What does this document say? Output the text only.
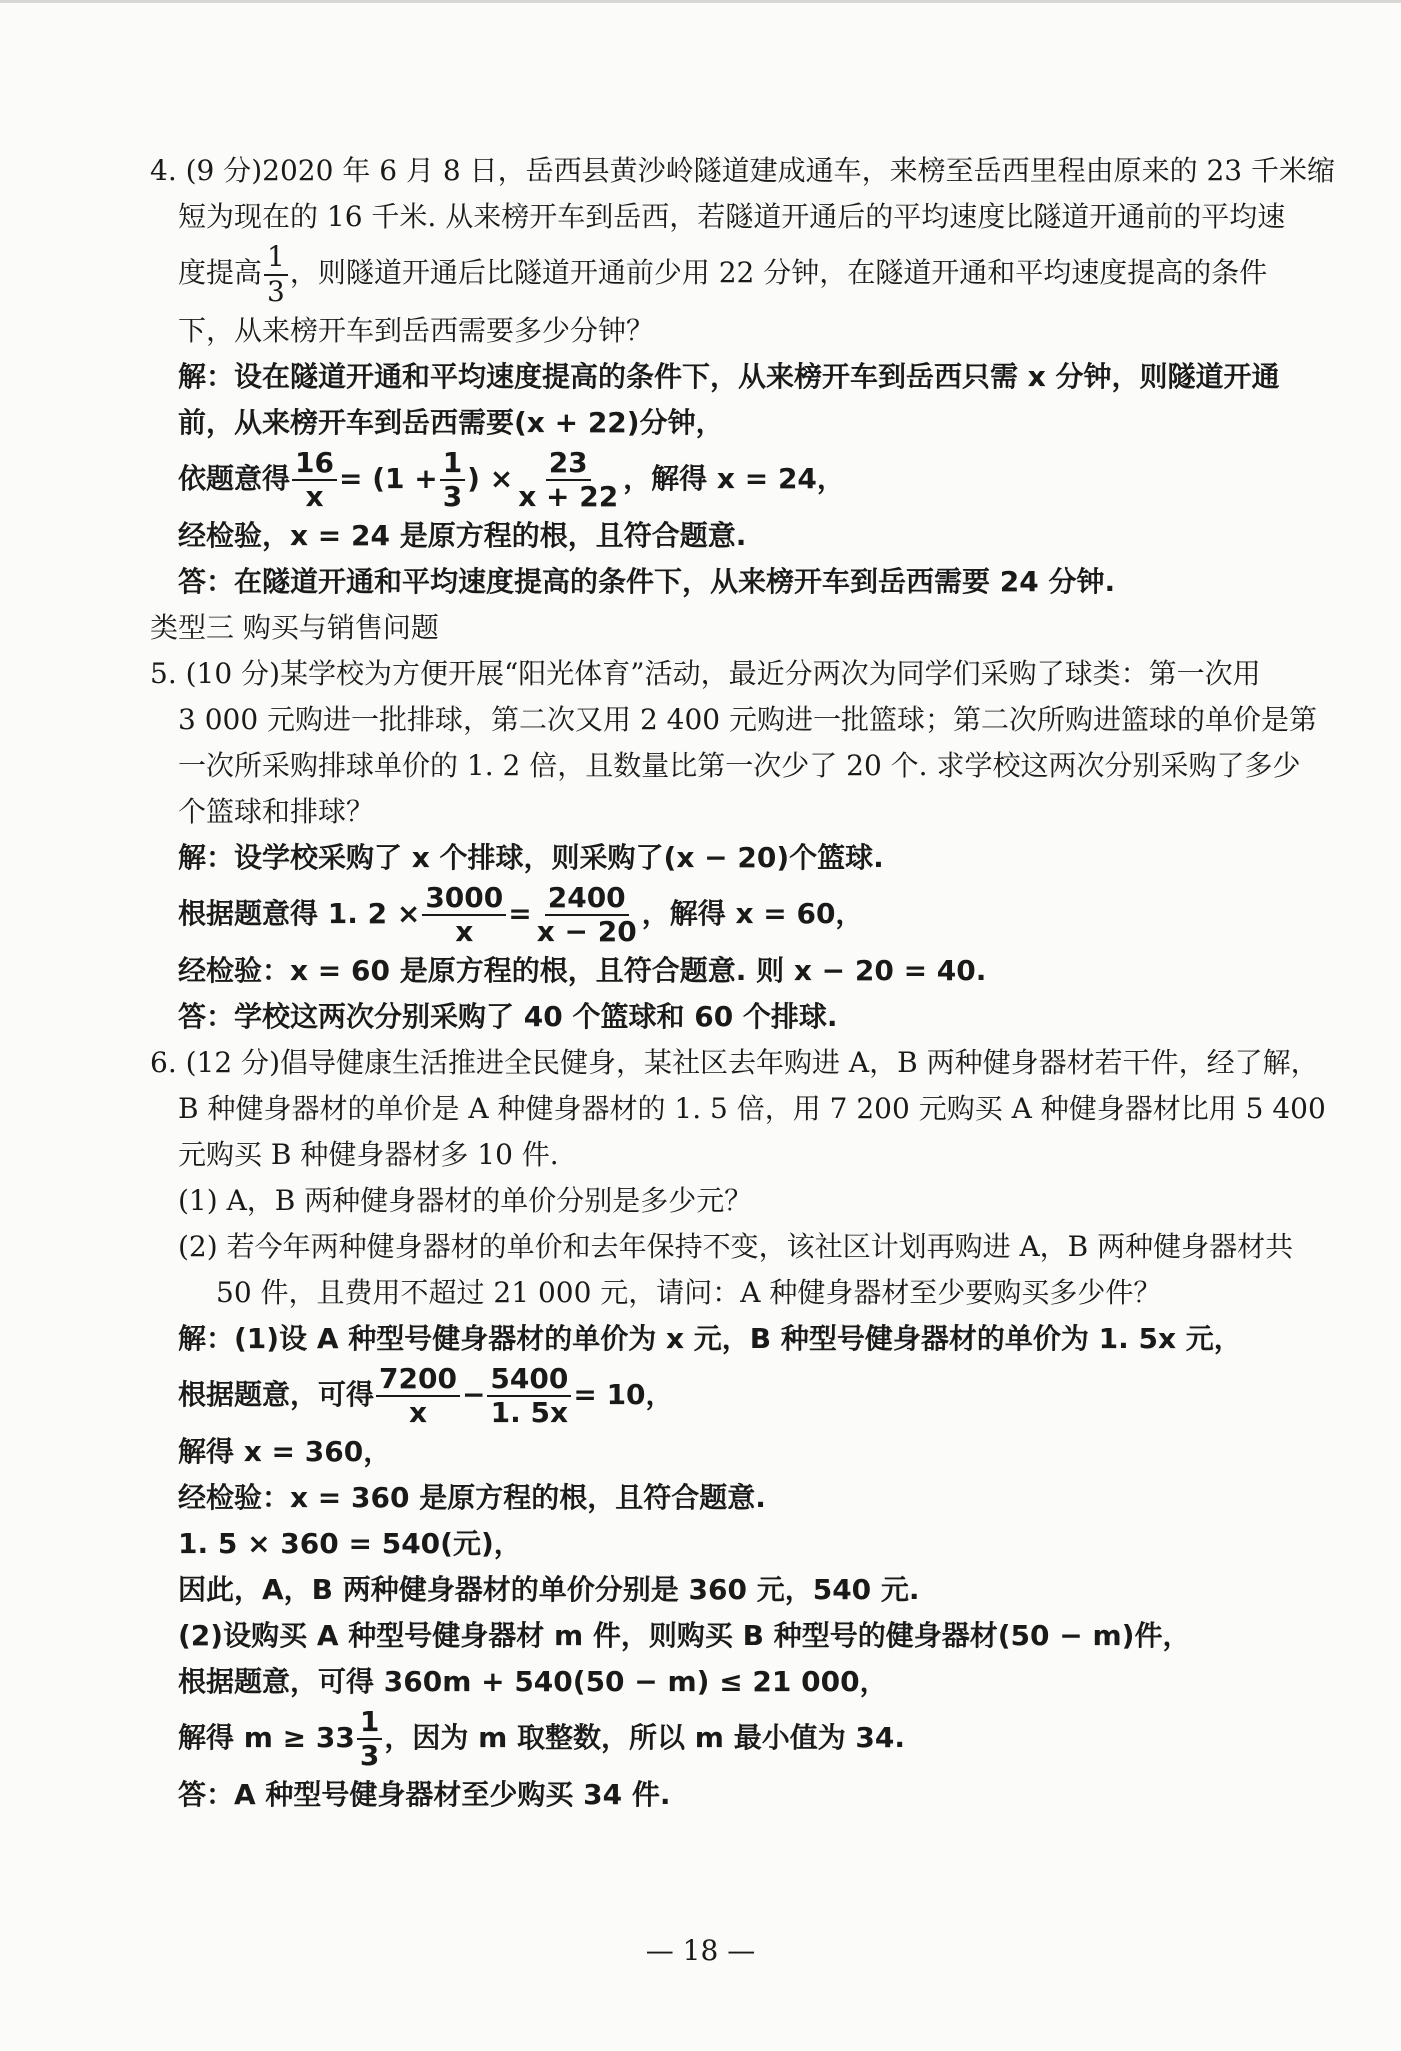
4. (9 分)2020 年 6 月 8 日，岳西县黄沙岭隧道建成通车，来榜至岳西里程由原来的 23 千米缩
短为现在的 16 千米. 从来榜开车到岳西，若隧道开通后的平均速度比隧道开通前的平均速
度提高 $\frac{1}{3}$ ，则隧道开通后比隧道开通前少用 22 分钟，在隧道开通和平均速度提高的条件
下，从来榜开车到岳西需要多少分钟？
解：设在隧道开通和平均速度提高的条件下，从来榜开车到岳西只需 x 分钟，则隧道开通
前，从来榜开车到岳西需要(x + 22)分钟，
依题意得 $\frac{16}{x} = (1 + \frac{1}{3}$ ) × $\frac{23}{x + 22}$ ，解得 x = 24，
经检验，x = 24 是原方程的根，且符合题意.
答：在隧道开通和平均速度提高的条件下，从来榜开车到岳西需要 24 分钟.
类型三 购买与销售问题
5. (10 分)某学校为方便开展“阳光体育”活动，最近分两次为同学们采购了球类：第一次用
3 000 元购进一批排球，第二次又用 2 400 元购进一批篮球；第二次所购进篮球的单价是第
一次所采购排球单价的 1. 2 倍，且数量比第一次少了 20 个. 求学校这两次分别采购了多少
个篮球和排球？
解：设学校采购了 x 个排球，则采购了(x − 20)个篮球.
根据题意得 1. $2 \times \frac{3000}{x} = \frac{2400}{x - 20}$ ，解得 x = 60，
经检验：x = 60 是原方程的根，且符合题意. 则 x − 20 = 40.
答：学校这两次分别采购了 40 个篮球和 60 个排球.
6. (12 分)倡导健康生活推进全民健身，某社区去年购进 A，B 两种健身器材若干件，经了解，
B 种健身器材的单价是 A 种健身器材的 1. 5 倍，用 7 200 元购买 A 种健身器材比用 5 400
元购买 B 种健身器材多 10 件.
(1) A，B 两种健身器材的单价分别是多少元？
(2) 若今年两种健身器材的单价和去年保持不变，该社区计划再购进 A，B 两种健身器材共
50 件，且费用不超过 21 000 元，请问：A 种健身器材至少要购买多少件？
解：(1)设 A 种型号健身器材的单价为 x 元，B 种型号健身器材的单价为 1. 5x 元，
根据题意，可得 $\frac{7200}{x} - \frac{5400}{1. 5x} = 10$，
解得 x = 360，
经检验：x = 360 是原方程的根，且符合题意.
1. 5 × 360 = 540(元)，
因此，A，B 两种健身器材的单价分别是 360 元，540 元.
(2)设购买 A 种型号健身器材 m 件，则购买 B 种型号的健身器材(50 − m)件，
根据题意，可得 360m + 540(50 − m) ≤ 21 000，
解得 $m \ge 33 \frac{1}{3}$ ，因为 m 取整数，所以 m 最小值为 34.
答：A 种型号健身器材至少购买 34 件.
— 18 —
